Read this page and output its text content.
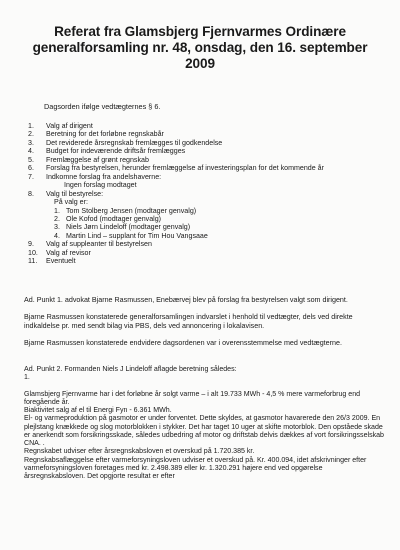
Referat fra Glamsbjerg Fjernvarmes Ordinære
generalforsamling nr. 48, onsdag, den 16. september
2009
Dagsorden ifølge vedtægternes § 6.
1.	Valg af dirigent
2.	Beretning for det forløbne regnskabår
3.	Det reviderede årsregnskab fremlægges til godkendelse
4.	Budget for indeværende driftsår fremlægges
5.	Fremlæggelse af grønt regnskab
6.	Forslag fra bestyrelsen, herunder fremlæggelse af investeringsplan for det kommende år
7.	Indkomne forslag fra andelshaverne:
Ingen forslag modtaget
8.	Valg til bestyrelse:
På valg er:
1. Tom Stolberg Jensen (modtager genvalg)
2. Ole Kofod (modtager genvalg)
3. Niels Jørn Lindeloff (modtager genvalg)
4. Martin Lind – supplant for Tim Hou Vangsaae
9.	Valg af suppleanter til bestyrelsen
10.	Valg af revisor
11.	Eventuelt

Ad. Punkt 1. advokat Bjarne Rasmussen, Enebærvej blev på forslag fra bestyrelsen valgt som dirigent.

Bjarne Rasmussen konstaterede generalforsamlingen indvarslet i henhold til vedtægter, dels ved direkte indkaldelse pr. med sendt bilag via PBS, dels ved annoncering i lokalavisen.

Bjarne Rasmussen konstaterede endvidere dagsordenen var i overensstemmelse med vedtægterne.

Ad. Punkt 2. Formanden Niels J Lindeloff aflagde beretning således:
1.
Glamsbjerg Fjernvarme har i det forløbne år solgt varme – i alt 19.733 MWh - 4,5 % mere varmeforbrug end foregående år.
Biaktivitet salg af el til Energi Fyn - 6.361 MWh.
El- og varmeproduktion på gasmotor er under forventet. Dette skyldes, at gasmotor havarerede den 26/3 2009. En plejlstang knækkede og slog motorblokken i stykker. Det har taget 10 uger at skifte motorblok. Den opståede skade er anerkendt som forsikringsskade, således udbedring af motor og driftstab delvis dækkes af vort forsikringsselskab CNA. .
Regnskabet udviser efter årsregnskabsloven et overskud på 1.720.385 kr.
Regnskabsaflæggelse efter varmeforsyningsloven udviser et overskud på. Kr. 400.094, idet afskrivninger efter varmeforsyningsloven foretages med kr. 2.498.389 eller kr. 1.320.291 højere end ved opgørelse årsregnskabsloven. Det opgjorte resultat er efter
